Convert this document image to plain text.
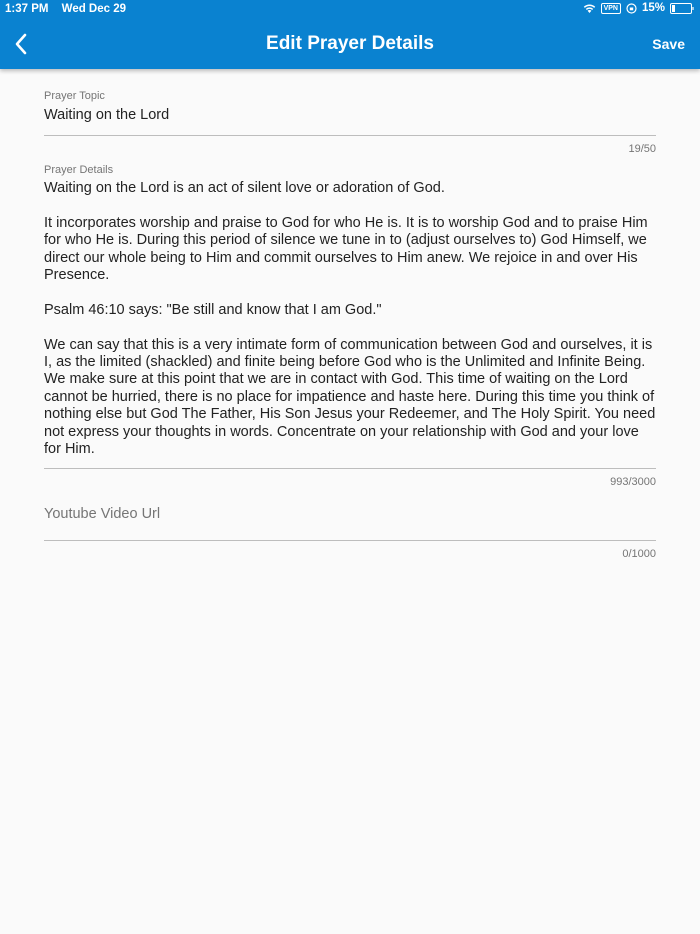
1:37 PM Wed Dec 29	VPN 15%
Edit Prayer Details	Save
Prayer Topic
Waiting on the Lord
19/50
Prayer Details

Waiting on the Lord is an act of silent love or adoration of God.

It incorporates worship and praise to God for who He is. It is to worship God and to praise Him for who He is. During this period of silence we tune in to (adjust ourselves to) God Himself, we direct our whole being to Him and commit ourselves to Him anew. We rejoice in and over His Presence.

Psalm 46:10 says: "Be still and know that I am God."

We can say that this is a very intimate form of communication between God and ourselves, it is I, as the limited (shackled) and finite being before God who is the Unlimited and Infinite Being. We make sure at this point that we are in contact with God. This time of waiting on the Lord cannot be hurried, there is no place for impatience and haste here. During this time you think of nothing else but God The Father, His Son Jesus your Redeemer, and The Holy Spirit. You need not express your thoughts in words. Concentrate on your relationship with God and your love for Him.

993/3000
Youtube Video Url
0/1000
